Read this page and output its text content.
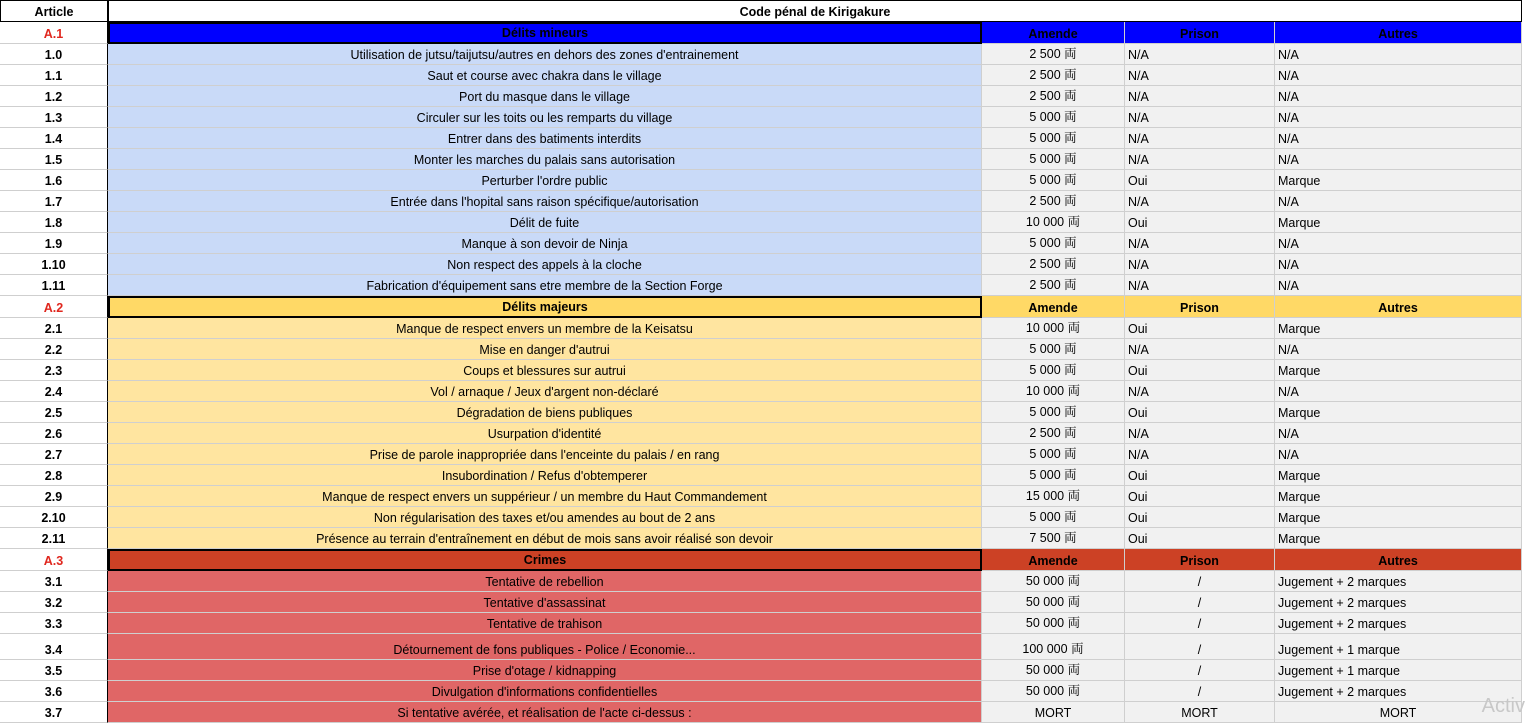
Article	Code pénal de Kirigakure
A.1	Délits mineurs	Amende	Prison	Autres
1.0	Utilisation de jutsu/taijutsu/autres en dehors des zones d'entrainement	2 500 両	N/A	N/A
1.1	Saut et course avec chakra dans le village	2 500 両	N/A	N/A
1.2	Port du masque dans le village	2 500 両	N/A	N/A
1.3	Circuler sur les toits ou les remparts du village	5 000 両	N/A	N/A
1.4	Entrer dans des batiments interdits	5 000 両	N/A	N/A
1.5	Monter les marches du palais sans autorisation	5 000 両	N/A	N/A
1.6	Perturber l'ordre public	5 000 両	Oui	Marque
1.7	Entrée dans l'hopital sans raison spécifique/autorisation	2 500 両	N/A	N/A
1.8	Délit de fuite	10 000 両	Oui	Marque
1.9	Manque à son devoir de Ninja	5 000 両	N/A	N/A
1.10	Non respect des appels à la cloche	2 500 両	N/A	N/A
1.11	Fabrication d'équipement sans etre membre de la Section Forge	2 500 両	N/A	N/A
A.2	Délits majeurs	Amende	Prison	Autres
2.1	Manque de respect envers un membre de la Keisatsu	10 000 両	Oui	Marque
2.2	Mise en danger d'autrui	5 000 両	N/A	N/A
2.3	Coups et blessures sur autrui	5 000 両	Oui	Marque
2.4	Vol / arnaque / Jeux d'argent non-déclaré	10 000 両	N/A	N/A
2.5	Dégradation de biens publiques	5 000 両	Oui	Marque
2.6	Usurpation d'identité	2 500 両	N/A	N/A
2.7	Prise de parole inappropriée dans l'enceinte du palais / en rang	5 000 両	N/A	N/A
2.8	Insubordination / Refus d'obtemperer	5 000 両	Oui	Marque
2.9	Manque de respect envers un suppérieur / un membre du Haut Commandement	15 000 両	Oui	Marque
2.10	Non régularisation des taxes et/ou amendes au bout de 2 ans	5 000 両	Oui	Marque
2.11	Présence au terrain d'entraînement en début de mois sans avoir réalisé son devoir	7 500 両	Oui	Marque
A.3	Crimes	Amende	Prison	Autres
3.1	Tentative de rebellion	50 000 両	/	Jugement + 2 marques
3.2	Tentative d'assassinat	50 000 両	/	Jugement + 2 marques
3.3	Tentative de trahison	50 000 両	/	Jugement + 2 marques
3.4	Détournement de fons publiques - Police / Economie...	100 000 両	/	Jugement + 1 marque
3.5	Prise d'otage / kidnapping	50 000 両	/	Jugement + 1 marque
3.6	Divulgation d'informations confidentielles	50 000 両	/	Jugement + 2 marques
3.7	Si tentative avérée, et réalisation de l'acte ci-dessus :	MORT	MORT	MORT	Activ
